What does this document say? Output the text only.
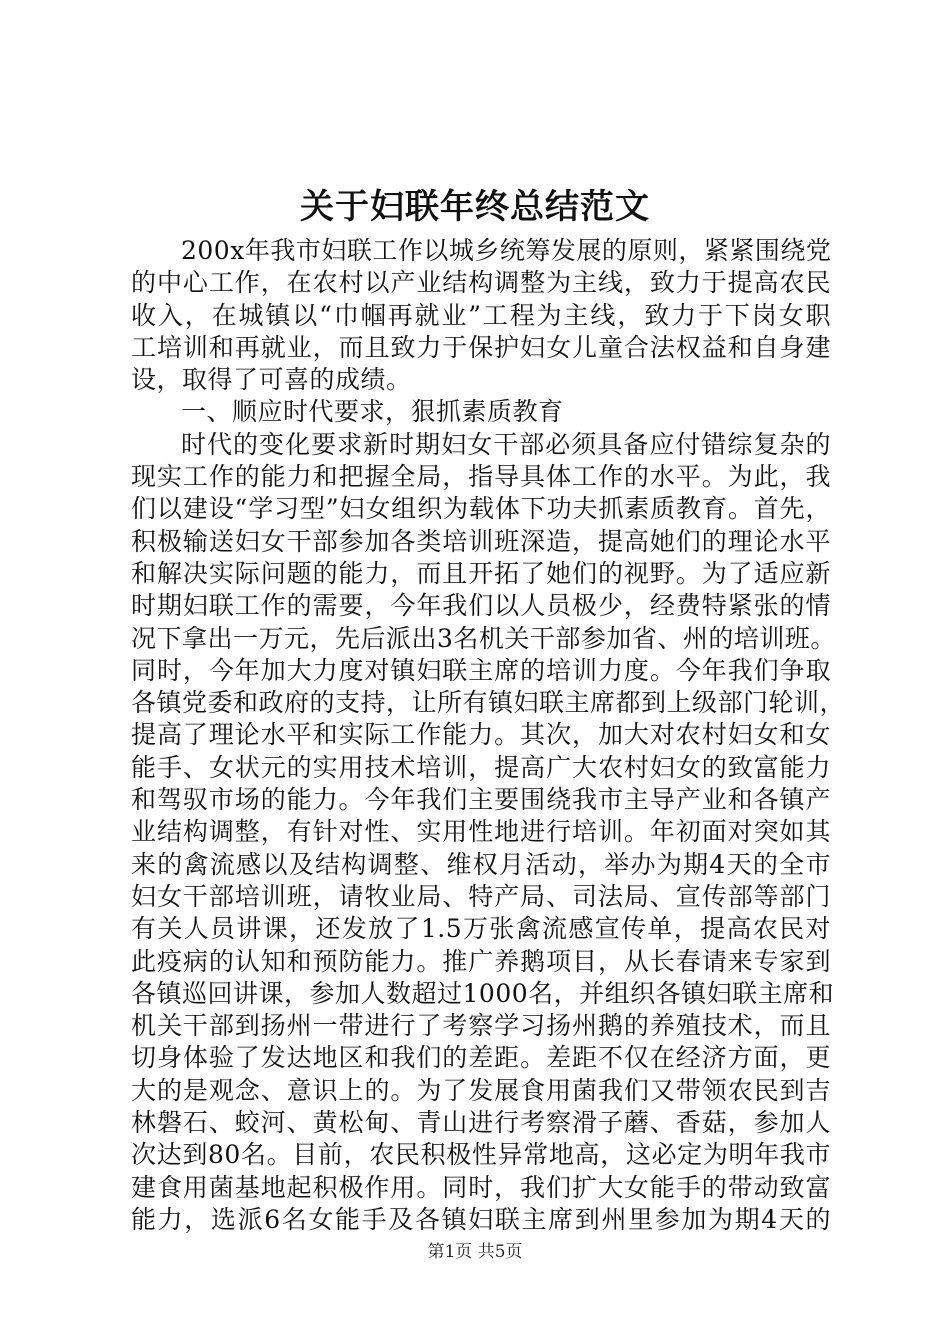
关于妇联年终总结范文
200x年我市妇联工作以城乡统筹发展的原则，紧紧围绕党
的中心工作，在农村以产业结构调整为主线，致力于提高农民
收入，在城镇以“巾帼再就业”工程为主线，致力于下岗女职
工培训和再就业，而且致力于保护妇女儿童合法权益和自身建
设，取得了可喜的成绩。
一、顺应时代要求，狠抓素质教育
时代的变化要求新时期妇女干部必须具备应付错综复杂的
现实工作的能力和把握全局，指导具体工作的水平。为此，我
们以建设“学习型”妇女组织为载体下功夫抓素质教育。首先，
积极输送妇女干部参加各类培训班深造，提高她们的理论水平
和解决实际问题的能力，而且开拓了她们的视野。为了适应新
时期妇联工作的需要，今年我们以人员极少，经费特紧张的情
况下拿出一万元，先后派出3名机关干部参加省、州的培训班。
同时，今年加大力度对镇妇联主席的培训力度。今年我们争取
各镇党委和政府的支持，让所有镇妇联主席都到上级部门轮训，
提高了理论水平和实际工作能力。其次，加大对农村妇女和女
能手、女状元的实用技术培训，提高广大农村妇女的致富能力
和驾驭市场的能力。今年我们主要围绕我市主导产业和各镇产
业结构调整，有针对性、实用性地进行培训。年初面对突如其
来的禽流感以及结构调整、维权月活动，举办为期4天的全市
妇女干部培训班，请牧业局、特产局、司法局、宣传部等部门
有关人员讲课，还发放了1.5万张禽流感宣传单，提高农民对
此疫病的认知和预防能力。推广养鹅项目，从长春请来专家到
各镇巡回讲课，参加人数超过1000名，并组织各镇妇联主席和
机关干部到扬州一带进行了考察学习扬州鹅的养殖技术，而且
切身体验了发达地区和我们的差距。差距不仅在经济方面，更
大的是观念、意识上的。为了发展食用菌我们又带领农民到吉
林磐石、蛟河、黄松甸、青山进行考察滑子蘑、香菇，参加人
次达到80名。目前，农民积极性异常地高，这必定为明年我市
建食用菌基地起积极作用。同时，我们扩大女能手的带动致富
能力，选派6名女能手及各镇妇联主席到州里参加为期4天的
第1页 共5页
